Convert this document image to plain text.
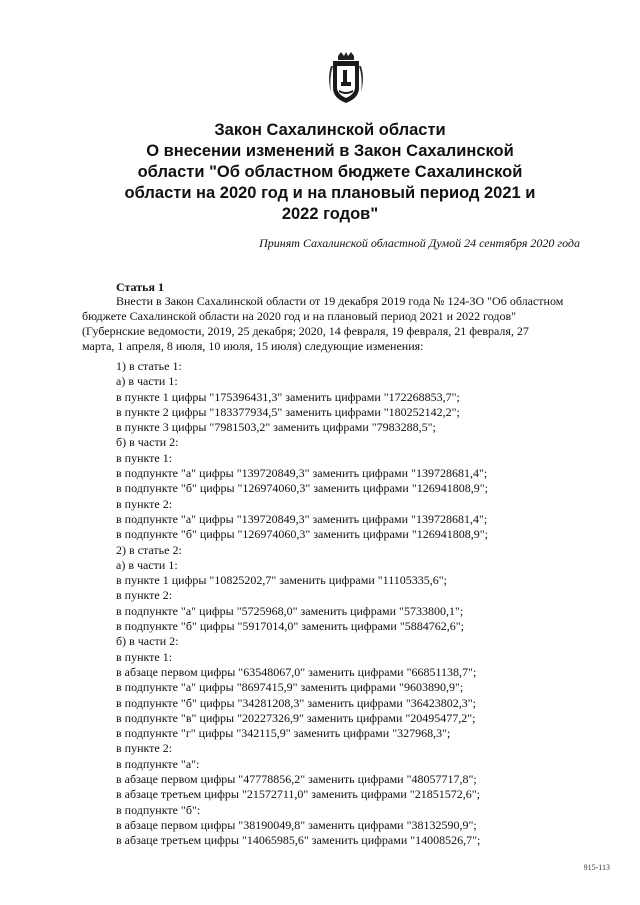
Закон Сахалинской области
О внесении изменений в Закон Сахалинской
области "Об областном бюджете Сахалинской
области на 2020 год и на плановый период 2021 и
2022 годов"
Принят Сахалинской областной Думой 24 сентября 2020 года
Статья 1
Внести в Закон Сахалинской области от 19 декабря 2019 года № 124-ЗО "Об областном
бюджете Сахалинской области на 2020 год и на плановый период 2021 и 2022 годов"
(Губернские ведомости, 2019, 25 декабря; 2020, 14 февраля, 19 февраля, 21 февраля, 27
марта, 1 апреля, 8 июля, 10 июля, 15 июля) следующие изменения:
1) в статье 1:
а) в части 1:
в пункте 1 цифры "175396431,3" заменить цифрами "172268853,7";
в пункте 2 цифры "183377934,5" заменить цифрами "180252142,2";
в пункте 3 цифры "7981503,2" заменить цифрами "7983288,5";
б) в части 2:
в пункте 1:
в подпункте "а" цифры "139720849,3" заменить цифрами "139728681,4";
в подпункте "б" цифры "126974060,3" заменить цифрами "126941808,9";
в пункте 2:
в подпункте "а" цифры "139720849,3" заменить цифрами "139728681,4";
в подпункте "б" цифры "126974060,3" заменить цифрами "126941808,9";
2) в статье 2:
а) в части 1:
в пункте 1 цифры "10825202,7" заменить цифрами "11105335,6";
в пункте 2:
в подпункте "а" цифры "5725968,0" заменить цифрами "5733800,1";
в подпункте "б" цифры "5917014,0" заменить цифрами "5884762,6";
б) в части 2:
в пункте 1:
в абзаце первом цифры "63548067,0" заменить цифрами "66851138,7";
в подпункте "а" цифры "8697415,9" заменить цифрами "9603890,9";
в подпункте "б" цифры "34281208,3" заменить цифрами "36423802,3";
в подпункте "в" цифры "20227326,9" заменить цифрами "20495477,2";
в подпункте "г" цифры "342115,9" заменить цифрами "327968,3";
в пункте 2:
в подпункте "а":
в абзаце первом цифры "47778856,2" заменить цифрами "48057717,8";
в абзаце третьем цифры "21572711,0" заменить цифрами "21851572,6";
в подпункте "б":
в абзаце первом цифры "38190049,8" заменить цифрами "38132590,9";
в абзаце третьем цифры "14065985,6" заменить цифрами "14008526,7";
915-113
